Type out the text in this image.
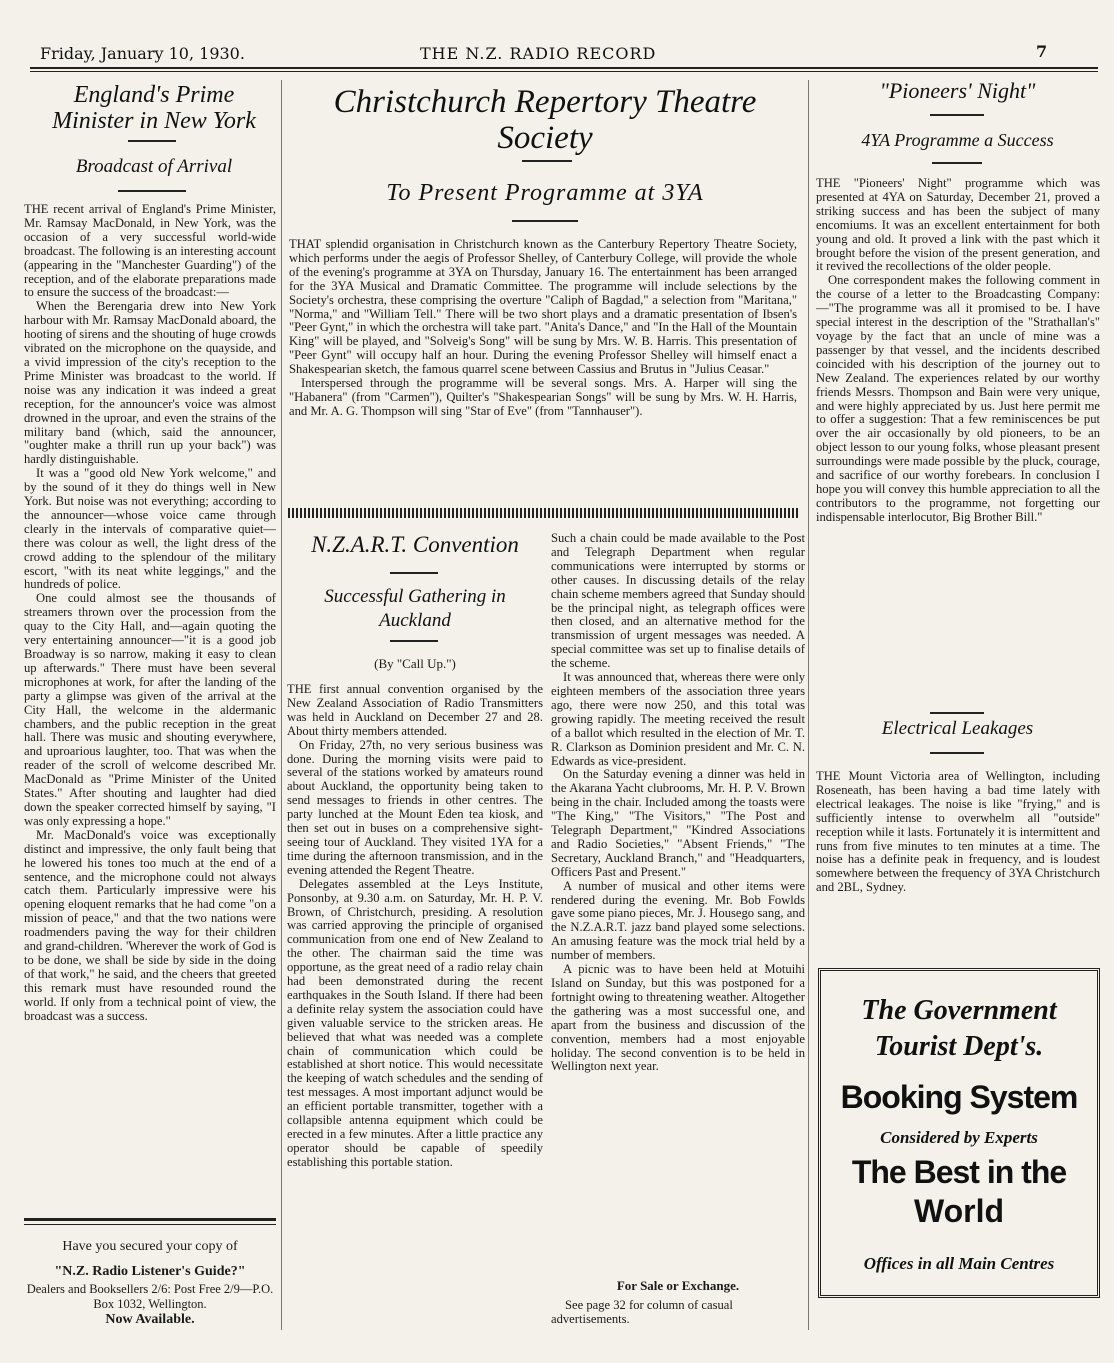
Friday, January 10, 1930.	THE N.Z. RADIO RECORD	7
England's Prime Minister in New York
Broadcast of Arrival

THE recent arrival of England's Prime Minister, Mr. Ramsay MacDonald, in New York, was the occasion of a very successful world-wide broadcast. The following is an interesting account (appearing in the "Manchester Guarding") of the reception, and of the elaborate preparations made to ensure the success of the broadcast:—

When the Berengaria drew into New York harbour with Mr. Ramsay MacDonald aboard, the hooting of sirens and the shouting of huge crowds vibrated on the microphone on the quayside, and a vivid impression of the city's reception to the Prime Minister was broadcast to the world. If noise was any indication it was indeed a great reception, for the announcer's voice was almost drowned in the uproar, and even the strains of the military band (which, said the announcer, "oughter make a thrill run up your back") was hardly distinguishable.

It was a "good old New York welcome," and by the sound of it they do things well in New York. But noise was not everything; according to the announcer—whose voice came through clearly in the intervals of comparative quiet—there was colour as well, the light dress of the crowd adding to the splendour of the military escort, "with its neat white leggings," and the hundreds of police.

One could almost see the thousands of streamers thrown over the procession from the quay to the City Hall, and—again quoting the very entertaining announcer—"it is a good job Broadway is so narrow, making it easy to clean up afterwards." There must have been several microphones at work, for after the landing of the party a glimpse was given of the arrival at the City Hall, the welcome in the aldermanic chambers, and the public reception in the great hall. There was music and shouting everywhere, and uproarious laughter, too. That was when the reader of the scroll of welcome described Mr. MacDonald as "Prime Minister of the United States." After shouting and laughter had died down the speaker corrected himself by saying, "I was only expressing a hope."

Mr. MacDonald's voice was exceptionally distinct and impressive, the only fault being that he lowered his tones too much at the end of a sentence, and the microphone could not always catch them. Particularly impressive were his opening eloquent remarks that he had come "on a mission of peace," and that the two nations were roadmenders paving the way for their children and grand-children. 'Wherever the work of God is to be done, we shall be side by side in the doing of that work," he said, and the cheers that greeted this remark must have resounded round the world. If only from a technical point of view, the broadcast was a success.

Have you secured your copy of
"N.Z. Radio Listener's Guide?"
Dealers and Booksellers 2/6: Post Free 2/9—P.O. Box 1032, Wellington.
Now Available.
Christchurch Repertory Theatre Society
To Present Programme at 3YA

THAT splendid organisation in Christchurch known as the Canterbury Repertory Theatre Society, which performs under the aegis of Professor Shelley, of Canterbury College, will provide the whole of the evening's programme at 3YA on Thursday, January 16. The entertainment has been arranged for the 3YA Musical and Dramatic Committee. The programme will include selections by the Society's orchestra, these comprising the overture "Caliph of Bagdad," a selection from "Maritana," "Norma," and "William Tell." There will be two short plays and a dramatic presentation of Ibsen's "Peer Gynt," in which the orchestra will take part. "Anita's Dance," and "In the Hall of the Mountain King" will be played, and "Solveig's Song" will be sung by Mrs. W. B. Harris. This presentation of "Peer Gynt" will occupy half an hour. During the evening Professor Shelley will himself enact a Shakespearian sketch, the famous quarrel scene between Cassius and Brutus in "Julius Ceasar."

Interspersed through the programme will be several songs. Mrs. A. Harper will sing the "Habanera" (from "Carmen"), Quilter's "Shakespearian Songs" will be sung by Mrs. W. H. Harris, and Mr. A. G. Thompson will sing "Star of Eve" (from "Tannhauser").

N.Z.A.R.T. Convention
Successful Gathering in Auckland
(By "Call Up.")

THE first annual convention organised by the New Zealand Association of Radio Transmitters was held in Auckland on December 27 and 28. About thirty members attended.

On Friday, 27th, no very serious business was done. During the morning visits were paid to several of the stations worked by amateurs round about Auckland, the opportunity being taken to send messages to friends in other centres. The party lunched at the Mount Eden tea kiosk, and then set out in buses on a comprehensive sight-seeing tour of Auckland. They visited 1YA for a time during the afternoon transmission, and in the evening attended the Regent Theatre.

Delegates assembled at the Leys Institute, Ponsonby, at 9.30 a.m. on Saturday, Mr. H. P. V. Brown, of Christchurch, presiding. A resolution was carried approving the principle of organised communication from one end of New Zealand to the other. The chairman said the time was opportune, as the great need of a radio relay chain had been demonstrated during the recent earthquakes in the South Island. If there had been a definite relay system the association could have given valuable service to the stricken areas. He believed that what was needed was a complete chain of communication which could be established at short notice. This would necessitate the keeping of watch schedules and the sending of test messages. A most important adjunct would be an efficient portable transmitter, together with a collapsible antenna equipment which could be erected in a few minutes. After a little practice any operator should be capable of speedily establishing this portable station.

Such a chain could be made available to the Post and Telegraph Department when regular communications were interrupted by storms or other causes. In discussing details of the relay chain scheme members agreed that Sunday should be the principal night, as telegraph offices were then closed, and an alternative method for the transmission of urgent messages was needed. A special committee was set up to finalise details of the scheme.

It was announced that, whereas there were only eighteen members of the association three years ago, there were now 250, and this total was growing rapidly. The meeting received the result of a ballot which resulted in the election of Mr. T. R. Clarkson as Dominion president and Mr. C. N. Edwards as vice-president.

On the Saturday evening a dinner was held in the Akarana Yacht clubrooms, Mr. H. P. V. Brown being in the chair. Included among the toasts were "The King," "The Visitors," "The Post and Telegraph Department," "Kindred Associations and Radio Societies," "Absent Friends," "The Secretary, Auckland Branch," and "Headquarters, Officers Past and Present."

A number of musical and other items were rendered during the evening. Mr. Bob Fowlds gave some piano pieces, Mr. J. Housego sang, and the N.Z.A.R.T. jazz band played some selections. An amusing feature was the mock trial held by a number of members.

A picnic was to have been held at Motuihi Island on Sunday, but this was postponed for a fortnight owing to threatening weather. Altogether the gathering was a most successful one, and apart from the business and discussion of the convention, members had a most enjoyable holiday. The second convention is to be held in Wellington next year.

For Sale or Exchange.
See page 32 for column of casual advertisements.
"Pioneers' Night"
4YA Programme a Success

THE "Pioneers' Night" programme which was presented at 4YA on Saturday, December 21, proved a striking success and has been the subject of many encomiums. It was an excellent entertainment for both young and old. It proved a link with the past which it brought before the vision of the present generation, and it revived the recollections of the older people.

One correspondent makes the following comment in the course of a letter to the Broadcasting Company:—"The programme was all it promised to be. I have special interest in the description of the "Strathallan's" voyage by the fact that an uncle of mine was a passenger by that vessel, and the incidents described coincided with his description of the journey out to New Zealand. The experiences related by our worthy friends Messrs. Thompson and Bain were very unique, and were highly appreciated by us. Just here permit me to offer a suggestion: That a few reminiscences be put over the air occasionally by old pioneers, to be an object lesson to our young folks, whose pleasant present surroundings were made possible by the pluck, courage, and sacrifice of our worthy forebears. In conclusion I hope you will convey this humble appreciation to all the contributors to the programme, not forgetting our indispensable interlocutor, Big Brother Bill."

Electrical Leakages

THE Mount Victoria area of Wellington, including Roseneath, has been having a bad time lately with electrical leakages. The noise is like "frying," and is sufficiently intense to overwhelm all "outside" reception while it lasts. Fortunately it is intermittent and runs from five minutes to ten minutes at a time. The noise has a definite peak in frequency, and is loudest somewhere between the frequency of 3YA Christchurch and 2BL, Sydney.

The Government
Tourist Dept's.
Booking System
Considered by Experts
The Best in the
World
Offices in all Main Centres
